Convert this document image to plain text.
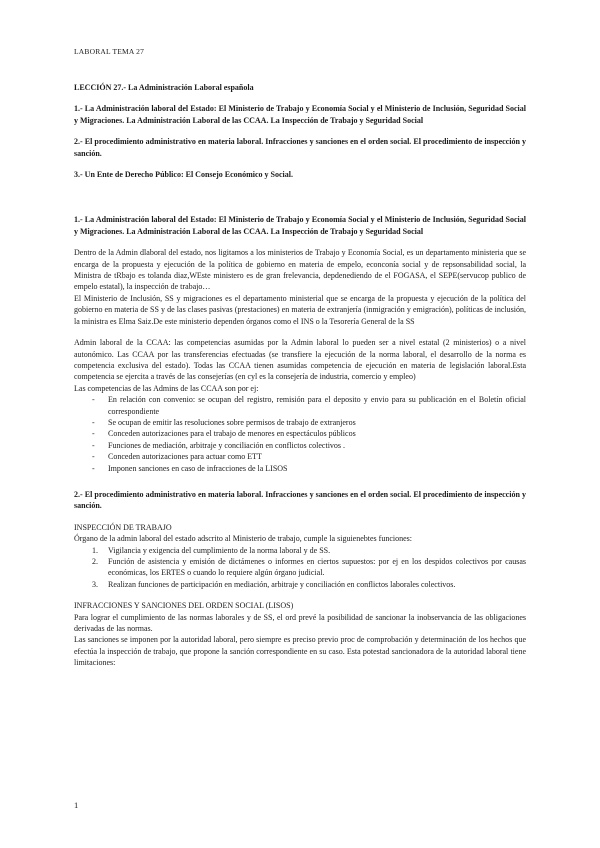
LABORAL TEMA 27

LECCIÓN 27.- La Administración Laboral española

1.- La Administración laboral del Estado: El Ministerio de Trabajo y Economía Social y el Ministerio de Inclusión, Seguridad Social y Migraciones. La Administración Laboral de las CCAA. La Inspección de Trabajo y Seguridad Social

2.- El procedimiento administrativo en materia laboral. Infracciones y sanciones en el orden social. El procedimiento de inspección y sanción.

3.- Un Ente de Derecho Público: El Consejo Económico y Social.

1.- La Administración laboral del Estado: El Ministerio de Trabajo y Economía Social y el Ministerio de Inclusión, Seguridad Social y Migraciones. La Administración Laboral de las CCAA. La Inspección de Trabajo y Seguridad Social

Dentro de la Admin dlaboral del estado, nos ligitamos a los ministerios de Trabajo y Economía Social, es un departamento ministeria que se encarga de la propuesta y ejecución de la política de gobierno en materia de empelo, econconía social y de repsonsabilidad social, la Ministra de tRbajo es tolanda diaz,WEste ministero es de gran frelevancia, depdenediendo de el FOGASA, el SEPE(servucop publico de empelo estatal), la inspección de trabajo…

El Ministerio de Inclusión, SS y migraciones es el departamento ministerial que se encarga de la propuesta y ejecución de la política del gobierno en materia de SS y de las clases pasivas (prestaciones) en materia de extranjería (inmigración y emigración), políticas de inclusión, la ministra es Elma Saiz.De este ministerio dependen órganos como el INS o la Tesorería General de la SS

Admin laboral de la CCAA: las competencias asumidas por la Admin laboral lo pueden ser a nivel estatal (2 ministerios) o a nivel autonómico. Las CCAA por las transferencias efectuadas (se transfiere la ejecución de la norma laboral, el desarrollo de la norma es competencia exclusiva del estado). Todas las CCAA tienen asumidas competencia de ejecución en materia de legislación laboral.Esta competencia se ejercita a través de las consejerías (en cyl es la consejería de industria, comercio y empleo)

Las competencias de las Admins de las CCAA son por ej:

- En relación con convenio: se ocupan del registro, remisión para el deposito y envio para su publicación en el Boletín oficial correspondiente
- Se ocupan de emitir las resoluciones sobre permisos de trabajo de extranjeros
- Conceden autorizaciones para el trabajo de menores en espectáculos públicos
- Funciones de mediación, arbitraje y conciliación en conflictos colectivos .
- Conceden autorizaciones para actuar como ETT
- Imponen sanciones en caso de infracciones de la LISOS

2.- El procedimiento administrativo en materia laboral. Infracciones y sanciones en el orden social. El procedimiento de inspección y sanción.

INSPECCIÓN DE TRABAJO

Órgano de la admin laboral del estado adscrito al Ministerio de trabajo, cumple la siguienebtes funciones:

1. Vigilancia y exigencia del cumplimiento de la norma laboral y de SS.
2. Función de asistencia y emisión de dictámenes o informes en ciertos supuestos: por ej en los despidos colectivos por causas económicas, los ERTES o cuando lo requiere algún órgano judicial.
3. Realizan funciones de participación en mediación, arbitraje y conciliación en conflictos laborales colectivos.

INFRACCIONES Y SANCIONES DEL ORDEN SOCIAL (LISOS)

Para lograr el cumplimiento de las normas laborales y de SS, el ord prevé la posibilidad de sancionar la inobservancia de las obligaciones derivadas de las normas.

Las sanciones se imponen por la autoridad laboral, pero siempre es preciso previo proc de comprobación y determinación de los hechos que efectúa la inspección de trabajo, que propone la sanción correspondiente en su caso. Esta potestad sancionadora de la autoridad laboral tiene limitaciones:

1
